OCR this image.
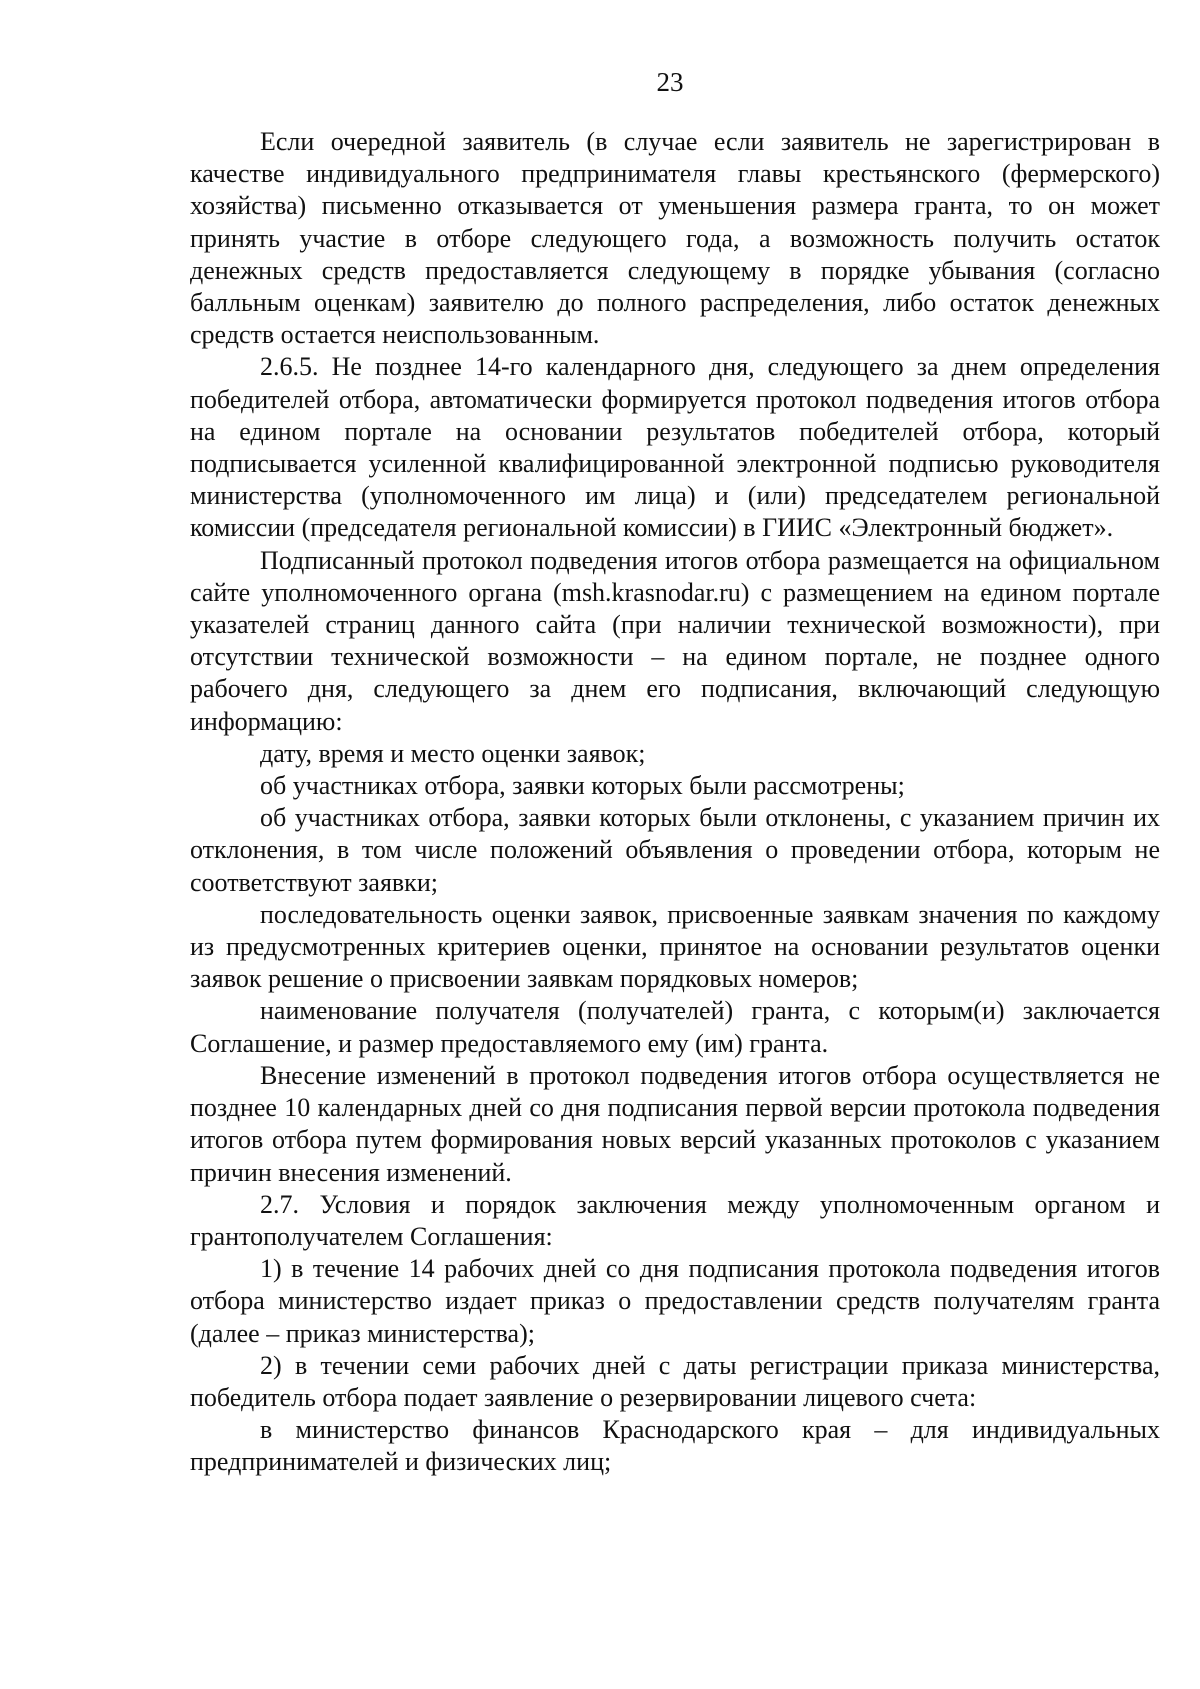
23

Если очередной заявитель (в случае если заявитель не зарегистрирован в качестве индивидуального предпринимателя главы крестьянского (фермерского) хозяйства) письменно отказывается от уменьшения размера гранта, то он может принять участие в отборе следующего года, а возможность получить остаток денежных средств предоставляется следующему в порядке убывания (согласно балльным оценкам) заявителю до полного распределения, либо остаток денежных средств остается неиспользованным.

2.6.5. Не позднее 14-го календарного дня, следующего за днем определения победителей отбора, автоматически формируется протокол подведения итогов отбора на едином портале на основании результатов победителей отбора, который подписывается усиленной квалифицированной электронной подписью руководителя министерства (уполномоченного им лица) и (или) председателем региональной комиссии (председателя региональной комиссии) в ГИИС «Электронный бюджет».

Подписанный протокол подведения итогов отбора размещается на официальном сайте уполномоченного органа (msh.krasnodar.ru) с размещением на едином портале указателей страниц данного сайта (при наличии технической возможности), при отсутствии технической возможности – на едином портале, не позднее одного рабочего дня, следующего за днем его подписания, включающий следующую информацию:

дату, время и место оценки заявок;

об участниках отбора, заявки которых были рассмотрены;

об участниках отбора, заявки которых были отклонены, с указанием причин их отклонения, в том числе положений объявления о проведении отбора, которым не соответствуют заявки;

последовательность оценки заявок, присвоенные заявкам значения по каждому из предусмотренных критериев оценки, принятое на основании результатов оценки заявок решение о присвоении заявкам порядковых номеров;

наименование получателя (получателей) гранта, с которым(и) заключается Соглашение, и размер предоставляемого ему (им) гранта.

Внесение изменений в протокол подведения итогов отбора осуществляется не позднее 10 календарных дней со дня подписания первой версии протокола подведения итогов отбора путем формирования новых версий указанных протоколов с указанием причин внесения изменений.

2.7. Условия и порядок заключения между уполномоченным органом и грантополучателем Соглашения:

1) в течение 14 рабочих дней со дня подписания протокола подведения итогов отбора министерство издает приказ о предоставлении средств получателям гранта (далее – приказ министерства);

2) в течении семи рабочих дней с даты регистрации приказа министерства, победитель отбора подает заявление о резервировании лицевого счета:

в министерство финансов Краснодарского края – для индивидуальных предпринимателей и физических лиц;
